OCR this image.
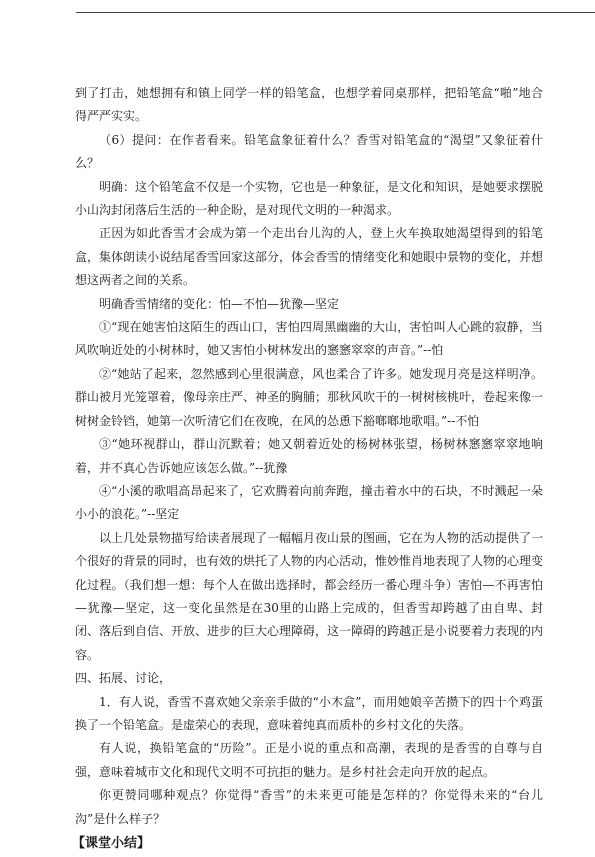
到了打击，她想拥有和镇上同学一样的铅笔盒，也想学着同桌那样，把铅笔盒“啪”地合得严严实实。

（6）提问：在作者看来。铅笔盒象征着什么？香雪对铅笔盒的“渴望”又象征着什么？

明确：这个铅笔盒不仅是一个实物，它也是一种象征，是文化和知识，是她要求摆脱小山沟封闭落后生活的一种企盼，是对现代文明的一种渴求。

正因为如此香雪才会成为第一个走出台儿沟的人，登上火车换取她渴望得到的铅笔盒，集体朗读小说结尾香雪回家这部分，体会香雪的情绪变化和她眼中景物的变化，并想想这两者之间的关系。

明确香雪情绪的变化：怕—不怕—犹豫—坚定

①“现在她害怕这陌生的西山口，害怕四周黑幽幽的大山，害怕叫人心跳的寂静，当风吹响近处的小树林时，她又害怕小树林发出的窸窸窣窣的声音。”--怕

②“她站了起来，忽然感到心里很满意，风也柔合了许多。她发现月亮是这样明净。群山被月光笼罩着，像母亲庄严、神圣的胸脯；那秋风吹干的一树树核桃叶，卷起来像一树树金铃铛，她第一次听清它们在夜晚，在风的怂恿下豁啷啷地歌唱。”--不怕

③“她环视群山，群山沉默着；她又朝着近处的杨树林张望，杨树林窸窸窣窣地响着，并不真心告诉她应该怎么做。”--犹豫

④“小溪的歌唱高昂起来了，它欢腾着向前奔跑，撞击着水中的石块，不时溅起一朵小小的浪花。”--坚定

以上几处景物描写给读者展现了一幅幅月夜山景的图画，它在为人物的活动提供了一个很好的背景的同时，也有效的烘托了人物的内心活动，惟妙惟肖地表现了人物的心理变化过程。（我们想一想：每个人在做出选择时，都会经历一番心理斗争）害怕—不再害怕—犹豫—坚定，这一变化虽然是在30里的山路上完成的，但香雪却跨越了由自卑、封闭、落后到自信、开放、进步的巨大心理障碍，这一障碍的跨越正是小说要着力表现的内容。

四、拓展、讨论，

1．有人说，香雪不喜欢她父亲亲手做的“小木盒”，而用她娘辛苦攒下的四十个鸡蛋换了一个铅笔盒。是虚荣心的表现，意味着纯真而质朴的乡村文化的失落。

有人说，换铅笔盒的“历险”。正是小说的重点和高潮，表现的是香雪的自尊与自强，意味着城市文化和现代文明不可抗拒的魅力。是乡村社会走向开放的起点。

你更赞同哪种观点？你觉得“香雪”的未来更可能是怎样的？你觉得未来的“台儿沟”是什么样子？

【课堂小结】
